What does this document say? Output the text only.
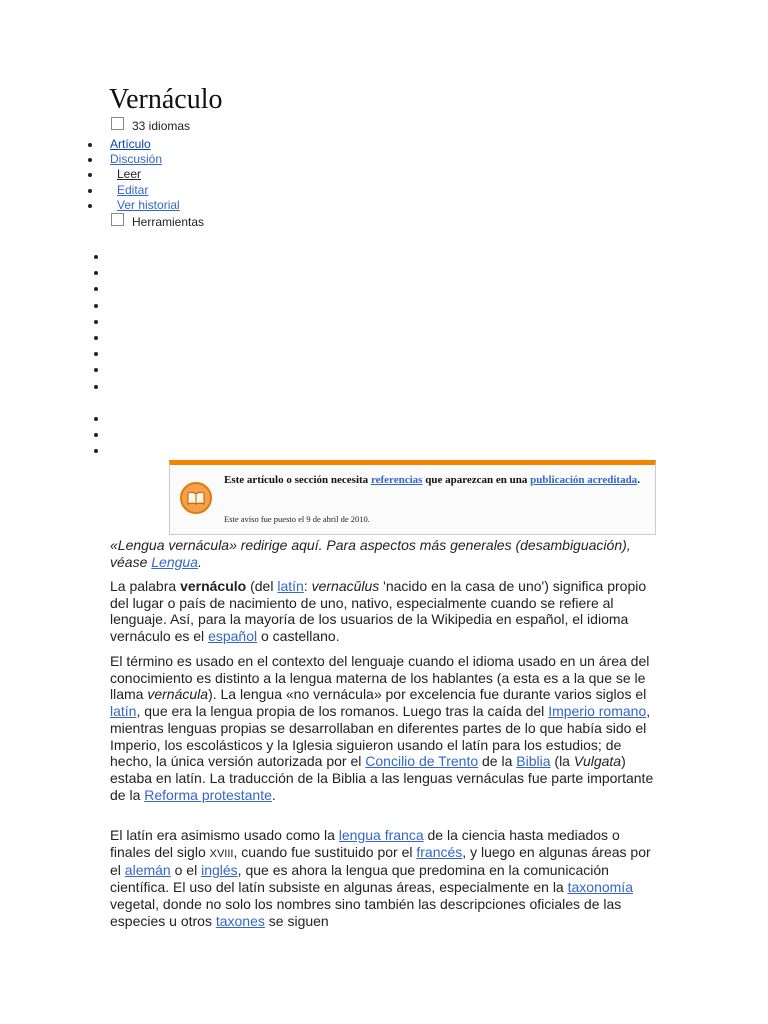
Vernáculo
33 idiomas
Artículo
Discusión
Leer
Editar
Ver historial
Herramientas
Este artículo o sección necesita referencias que aparezcan en una publicación acreditada.
Este aviso fue puesto el 9 de abril de 2010.
«Lengua vernácula» redirige aquí. Para aspectos más generales (desambiguación), véase Lengua.

La palabra vernáculo (del latín: vernacŭlus 'nacido en la casa de uno') significa propio del lugar o país de nacimiento de uno, nativo, especialmente cuando se refiere al lenguaje. Así, para la mayoría de los usuarios de la Wikipedia en español, el idioma vernáculo es el español o castellano.

El término es usado en el contexto del lenguaje cuando el idioma usado en un área del conocimiento es distinto a la lengua materna de los hablantes (a esta es a la que se le llama vernácula). La lengua «no vernácula» por excelencia fue durante varios siglos el latín, que era la lengua propia de los romanos. Luego tras la caída del Imperio romano, mientras lenguas propias se desarrollaban en diferentes partes de lo que había sido el Imperio, los escolásticos y la Iglesia siguieron usando el latín para los estudios; de hecho, la única versión autorizada por el Concilio de Trento de la Biblia (la Vulgata) estaba en latín. La traducción de la Biblia a las lenguas vernáculas fue parte importante de la Reforma protestante.

El latín era asimismo usado como la lengua franca de la ciencia hasta mediados o finales del siglo XVIII, cuando fue sustituido por el francés, y luego en algunas áreas por el alemán o el inglés, que es ahora la lengua que predomina en la comunicación científica. El uso del latín subsiste en algunas áreas, especialmente en la taxonomía vegetal, donde no solo los nombres sino también las descripciones oficiales de las especies u otros taxones se siguen
